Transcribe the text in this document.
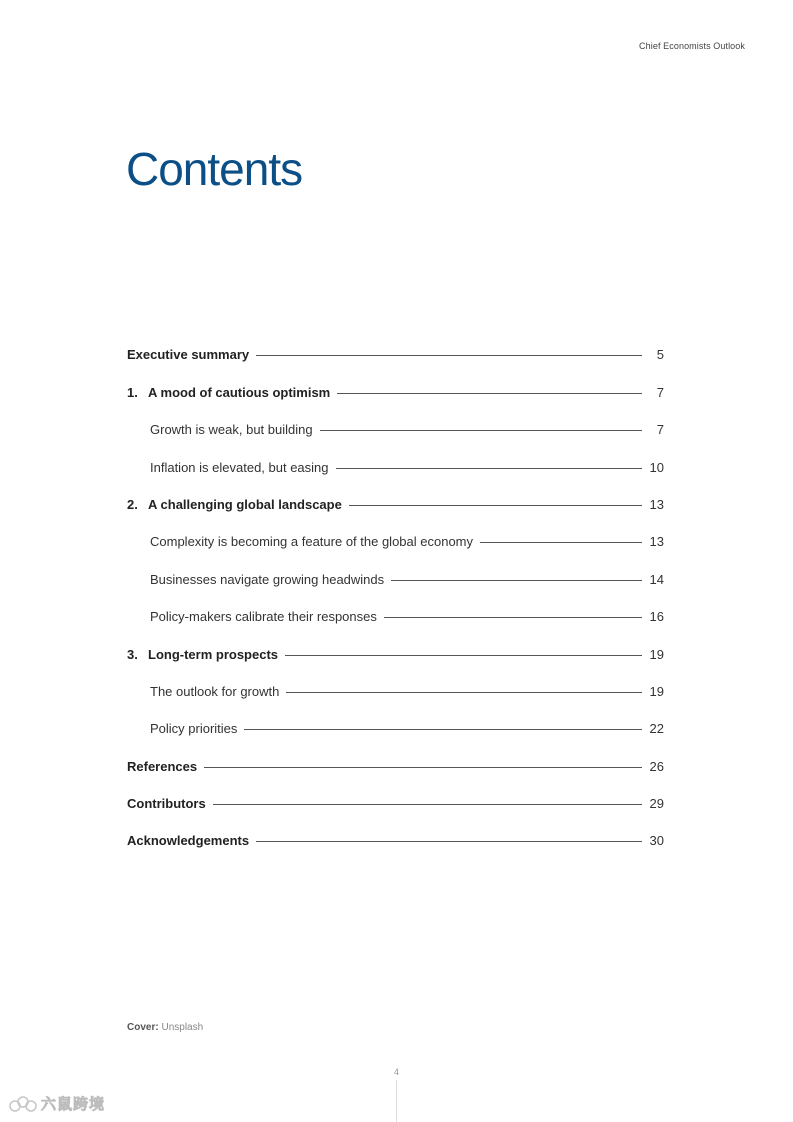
Chief Economists Outlook
Contents
Executive summary	5
1. A mood of cautious optimism	7
Growth is weak, but building	7
Inflation is elevated, but easing	10
2. A challenging global landscape	13
Complexity is becoming a feature of the global economy	13
Businesses navigate growing headwinds	14
Policy-makers calibrate their responses	16
3. Long-term prospects	19
The outlook for growth	19
Policy priorities	22
References	26
Contributors	29
Acknowledgements	30
Cover: Unsplash
4
六鼠跨境
